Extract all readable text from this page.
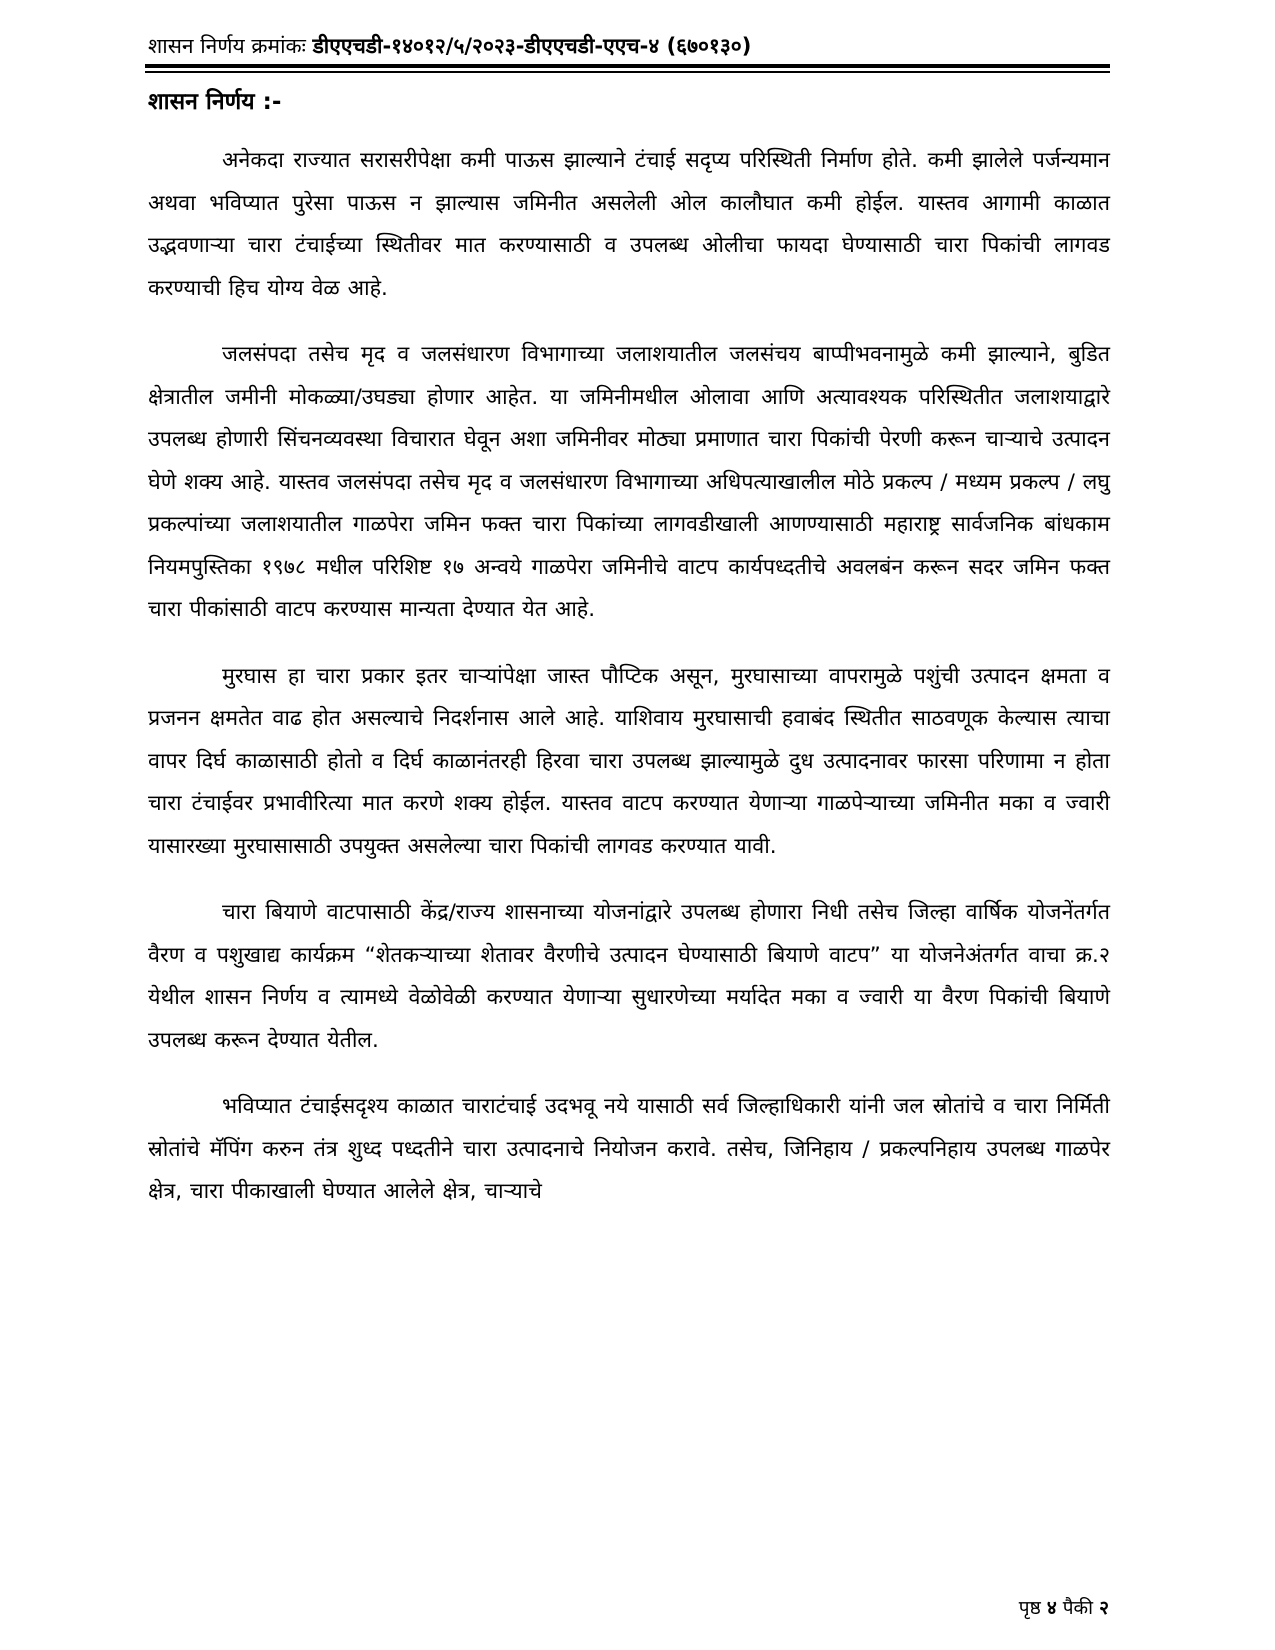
शासन निर्णय क्रमांकः डीएएचडी-१४०१२/५/२०२३-डीएएचडी-एएच-४ (६७०१३०)
शासन निर्णय :-

अनेकदा राज्यात सरासरीपेक्षा कमी पाऊस झाल्याने टंचाई सदृप्य परिस्थिती निर्माण होते. कमी झालेले पर्जन्यमान अथवा भविप्यात पुरेसा पाऊस न झाल्यास जमिनीत असलेली ओल कालौघात कमी होईल. यास्तव आगामी काळात उद्भवणाऱ्या चारा टंचाईच्या स्थितीवर मात करण्यासाठी व उपलब्ध ओलीचा फायदा घेण्यासाठी चारा पिकांची लागवड करण्याची हिच योग्य वेळ आहे.

जलसंपदा तसेच मृद व जलसंधारण विभागाच्या जलाशयातील जलसंचय बाप्पीभवनामुळे कमी झाल्याने, बुडित क्षेत्रातील जमीनी मोकळ्या/उघड्या होणार आहेत. या जमिनीमधील ओलावा आणि अत्यावश्यक परिस्थितीत जलाशयाद्वारे उपलब्ध होणारी सिंचनव्यवस्था विचारात घेवून अशा जमिनीवर मोठ्या प्रमाणात चारा पिकांची पेरणी करून चाऱ्याचे उत्पादन घेणे शक्य आहे. यास्तव जलसंपदा तसेच मृद व जलसंधारण विभागाच्या अधिपत्याखालील मोठे प्रकल्प / मध्यम प्रकल्प / लघु प्रकल्पांच्या जलाशयातील गाळपेरा जमिन फक्त चारा पिकांच्या लागवडीखाली आणण्यासाठी महाराष्ट्र सार्वजनिक बांधकाम नियमपुस्तिका १९७८ मधील परिशिष्ट १७ अन्वये गाळपेरा जमिनीचे वाटप कार्यपध्दतीचे अवलबंन करून सदर जमिन फक्त चारा पीकांसाठी वाटप करण्यास मान्यता देण्यात येत आहे.

मुरघास हा चारा प्रकार इतर चाऱ्यांपेक्षा जास्त पौप्टिक असून, मुरघासाच्या वापरामुळे पशुंची उत्पादन क्षमता व प्रजनन क्षमतेत वाढ होत असल्याचे निदर्शनास आले आहे. याशिवाय मुरघासाची हवाबंद स्थितीत साठवणूक केल्यास त्याचा वापर दिर्घ काळासाठी होतो व दिर्घ काळानंतरही हिरवा चारा उपलब्ध झाल्यामुळे दुध उत्पादनावर फारसा परिणामा न होता चारा टंचाईवर प्रभावीरित्या मात करणे शक्य होईल. यास्तव वाटप करण्यात येणाऱ्या गाळपेऱ्याच्या जमिनीत मका व ज्वारी यासारख्या मुरघासासाठी उपयुक्त असलेल्या चारा पिकांची लागवड करण्यात यावी.

चारा बियाणे वाटपासाठी केंद्र/राज्य शासनाच्या योजनांद्वारे उपलब्ध होणारा निधी तसेच जिल्हा वार्षिक योजनेंतर्गत वैरण व पशुखाद्य कार्यक्रम “शेतकऱ्याच्या शेतावर वैरणीचे उत्पादन घेण्यासाठी बियाणे वाटप” या योजनेअंतर्गत वाचा क्र.२ येथील शासन निर्णय व त्यामध्ये वेळोवेळी करण्यात येणाऱ्या सुधारणेच्या मर्यादेत मका व ज्वारी या वैरण पिकांची बियाणे उपलब्ध करून देण्यात येतील.

भविप्यात टंचाईसदृश्य काळात चाराटंचाई उदभवू नये यासाठी सर्व जिल्हाधिकारी यांनी जल स्रोतांचे व चारा निर्मिती स्रोतांचे मॅपिंग करुन तंत्र शुध्द पध्दतीने चारा उत्पादनाचे नियोजन करावे. तसेच, जिनिहाय / प्रकल्पनिहाय उपलब्ध गाळपेर क्षेत्र, चारा पीकाखाली घेण्यात आलेले क्षेत्र, चाऱ्याचे

पृष्ठ ४ पैकी २
